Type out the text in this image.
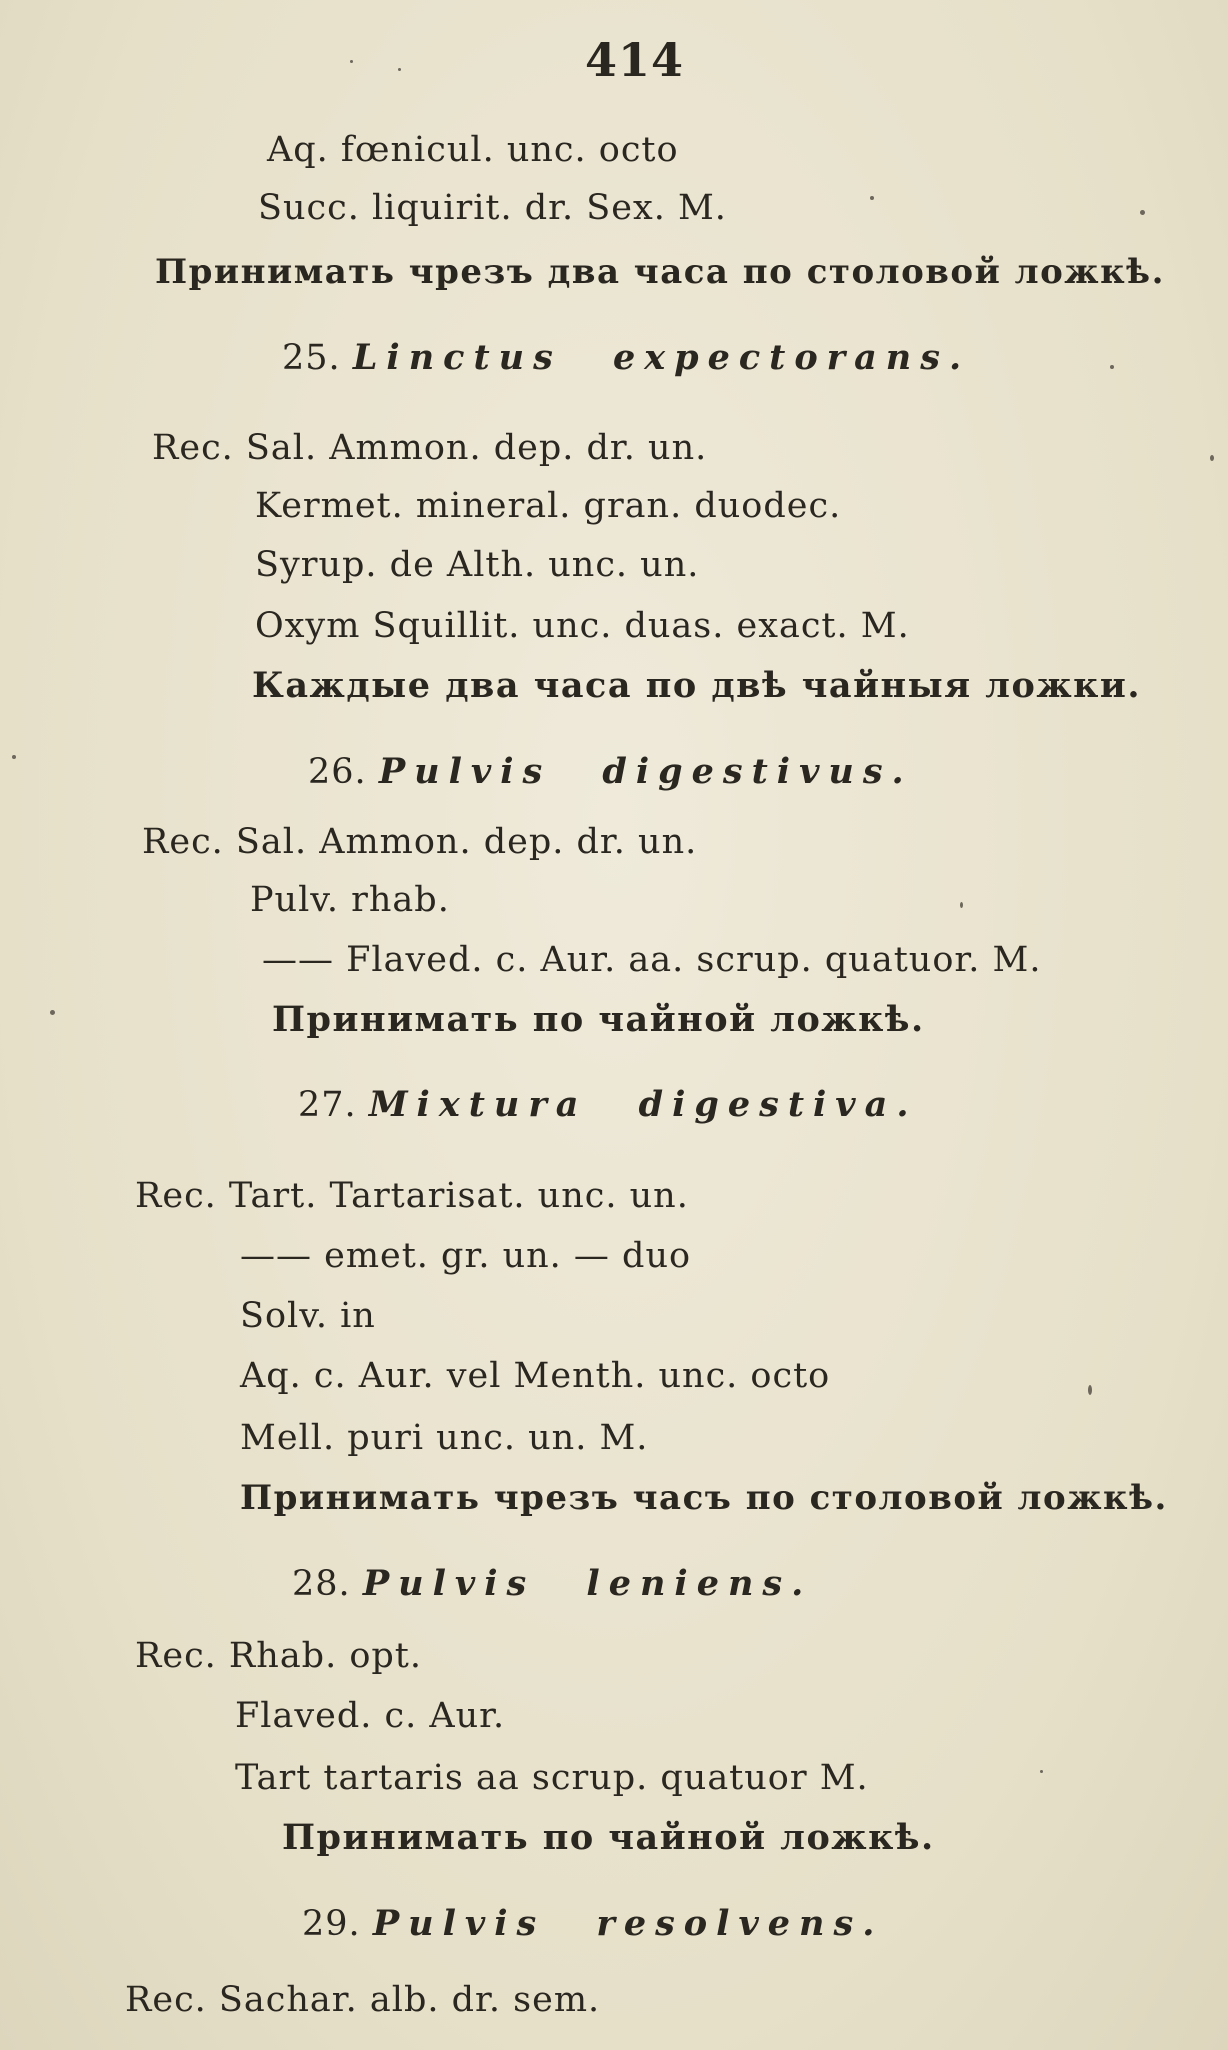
414
Aq. fœnicul. unc. octo
Succ. liquirit. dr. Sex. M.
Принимать чрезъ два часа по столовой ложкѣ.
25. Linctus expectorans.
Rec. Sal. Ammon. dep. dr. un.
Kermet. mineral. gran. duodec.
Syrup. de Alth. unc. un.
Oxym Squillit. unc. duas. exact. M.
Каждые два часа по двѣ чайныя ложки.
26. Pulvis digestivus.
Rec. Sal. Ammon. dep. dr. un.
Pulv. rhab.
—— Flaved. c. Aur. aa. scrup. quatuor. M.
Принимать по чайной ложкѣ.
27. Mixtura digestiva.
Rec. Tart. Tartarisat. unc. un.
—— emet. gr. un. — duo
Solv. in
Aq. c. Aur. vel Menth. unc. octo
Mell. puri unc. un. M.
Принимать чрезъ часъ по столовой ложкѣ.
28. Pulvis leniens.
Rec. Rhab. opt.
Flaved. c. Aur.
Tart tartaris aa scrup. quatuor M.
Принимать по чайной ложкѣ.
29. Pulvis resolvens.
Rec. Sachar. alb. dr. sem.
